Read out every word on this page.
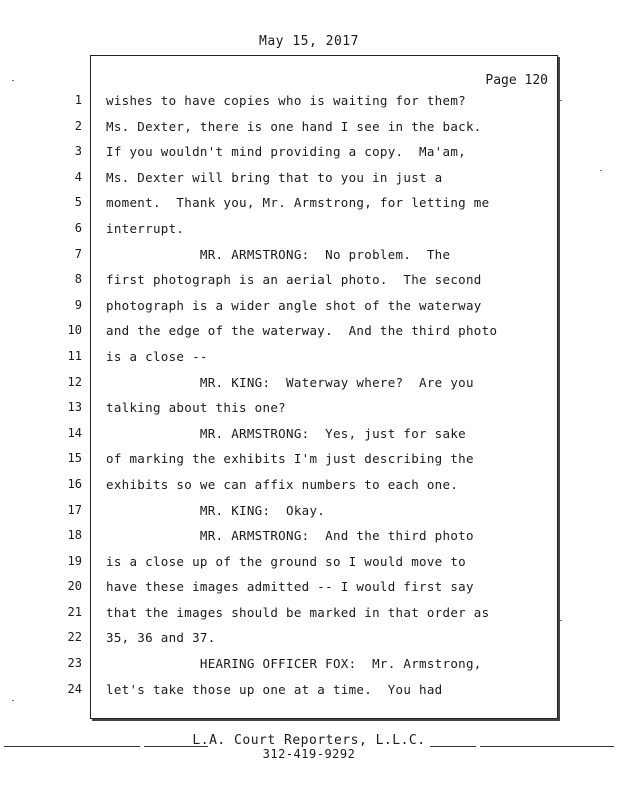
May 15, 2017
Page 120
1 wishes to have copies who is waiting for them?
2 Ms. Dexter, there is one hand I see in the back.
3 If you wouldn't mind providing a copy.  Ma'am,
4 Ms. Dexter will bring that to you in just a
5 moment.  Thank you, Mr. Armstrong, for letting me
6 interrupt.
7 MR. ARMSTRONG:  No problem.  The
8 first photograph is an aerial photo.  The second
9 photograph is a wider angle shot of the waterway
10 and the edge of the waterway.  And the third photo
11 is a close --
12 MR. KING:  Waterway where?  Are you
13 talking about this one?
14 MR. ARMSTRONG:  Yes, just for sake
15 of marking the exhibits I'm just describing the
16 exhibits so we can affix numbers to each one.
17 MR. KING:  Okay.
18 MR. ARMSTRONG:  And the third photo
19 is a close up of the ground so I would move to
20 have these images admitted -- I would first say
21 that the images should be marked in that order as
22 35, 36 and 37.
23 HEARING OFFICER FOX:  Mr. Armstrong,
24 let's take those up one at a time.  You had
L.A. Court Reporters, L.L.C.
312-419-9292
